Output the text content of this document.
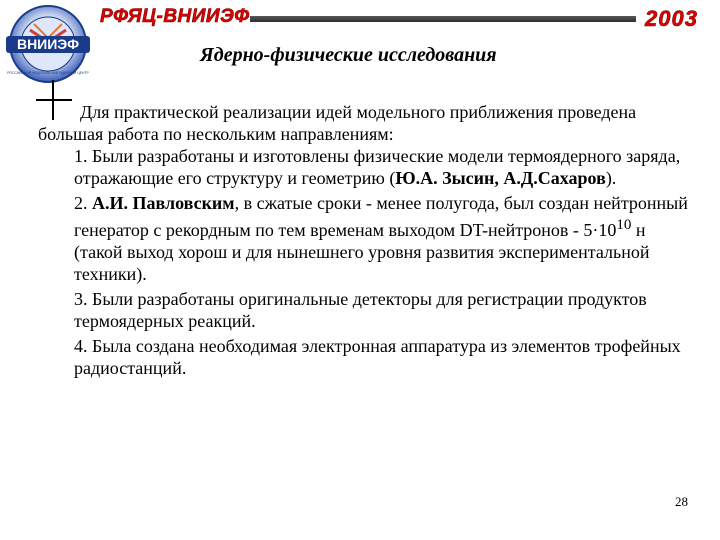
ВНИИЭФ
РОССИЙСКИЙ ФЕДЕРАЛЬНЫЙ ЯДЕРНЫЙ ЦЕНТР
РФЯЦ-ВНИИЭФ	2003
Ядерно-физические исследования

Для практической реализации идей модельного приближения проведена большая работа по нескольким направлениям:

1. Были разработаны и изготовлены физические модели термоядерного заряда, отражающие его структуру и геометрию (Ю.А. Зысин, А.Д.Сахаров).

2. А.И. Павловским, в сжатые сроки - менее полугода, был создан нейтронный генератор с рекордным по тем временам выходом DT-нейтронов - $5\cdot 10^{10}$ н (такой выход хорош и для нынешнего уровня развития экспериментальной техники).

3. Были разработаны оригинальные детекторы для регистрации продуктов термоядерных реакций.

4. Была создана необходимая электронная аппаратура из элементов трофейных радиостанций.

28
